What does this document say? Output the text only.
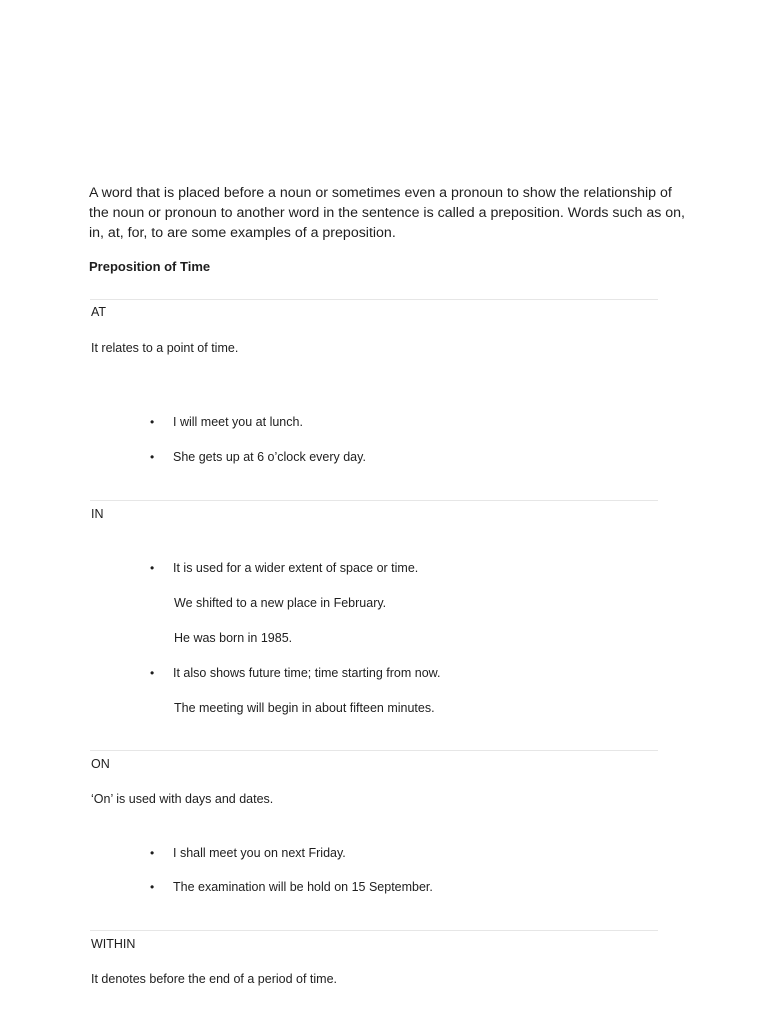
A word that is placed before a noun or sometimes even a pronoun to show the relationship of the noun or pronoun to another word in the sentence is called a preposition. Words such as on, in, at, for, to are some examples of a preposition.

Preposition of Time

AT
It relates to a point of time.
• I will meet you at lunch.
• She gets up at 6 o’clock every day.
IN
• It is used for a wider extent of space or time.
We shifted to a new place in February.
He was born in 1985.
• It also shows future time; time starting from now.
The meeting will begin in about fifteen minutes.
ON
‘On’ is used with days and dates.
• I shall meet you on next Friday.
• The examination will be hold on 15 September.
WITHIN
It denotes before the end of a period of time.
